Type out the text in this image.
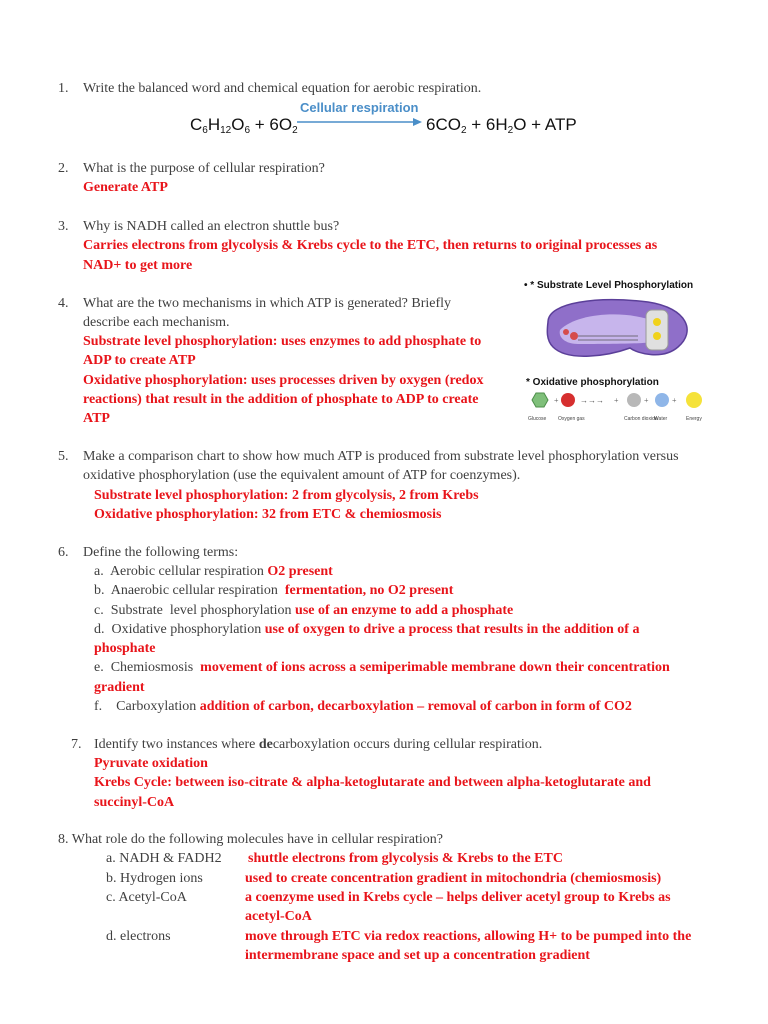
1. Write the balanced word and chemical equation for aerobic respiration.
Cellular respiration
$C_6H_{12}O_6 + 6O_2$	$6CO_2 + 6H_2O$ + ATP
2. What is the purpose of cellular respiration?
Generate ATP
3. Why is NADH called an electron shuttle bus?
Carries electrons from glycolysis & Krebs cycle to the ETC, then returns to original processes as
NAD+ to get more
4. What are the two mechanisms in which ATP is generated? Briefly
describe each mechanism.
Substrate level phosphorylation: uses enzymes to add phosphate to
ADP to create ATP
Oxidative phosphorylation: uses processes driven by oxygen (redox
reactions) that result in the addition of phosphate to ADP to create
ATP
• * Substrate Level Phosphorylation
* Oxidative phosphorylation
+	→→→ +	+	+
Glucose Oxygen gas	Carbon dioxide
Water	Energy
5. Make a comparison chart to show how much ATP is produced from substrate level phosphorylation versus
oxidative phosphorylation (use the equivalent amount of ATP for coenzymes).
Substrate level phosphorylation: 2 from glycolysis, 2 from Krebs
Oxidative phosphorylation: 32 from ETC & chemiosmosis
6. Define the following terms:
a.  Aerobic cellular respiration O2 present
b.  Anaerobic cellular respiration  fermentation, no O2 present
c.  Substrate  level phosphorylation use of an enzyme to add a phosphate
d.  Oxidative phosphorylation use of oxygen to drive a process that results in the addition of a
phosphate
e.  Chemiosmosis  movement of ions across a semiperimable membrane down their concentration
gradient
f.    Carboxylation addition of carbon, decarboxylation – removal of carbon in form of CO2
7. Identify two instances where decarboxylation occurs during cellular respiration.
Pyruvate oxidation
Krebs Cycle: between iso-citrate & alpha-ketoglutarate and between alpha-ketoglutarate and
succinyl-CoA
8. What role do the following molecules have in cellular respiration?
a. NADH & FADH2 shuttle electrons from glycolysis & Krebs to the ETC
b. Hydrogen ions	used to create concentration gradient in mitochondria (chemiosmosis)
c. Acetyl-CoA	a coenzyme used in Krebs cycle – helps deliver acetyl group to Krebs as
acetyl-CoA
d. electrons	move through ETC via redox reactions, allowing H+ to be pumped into the
intermembrane space and set up a concentration gradient
